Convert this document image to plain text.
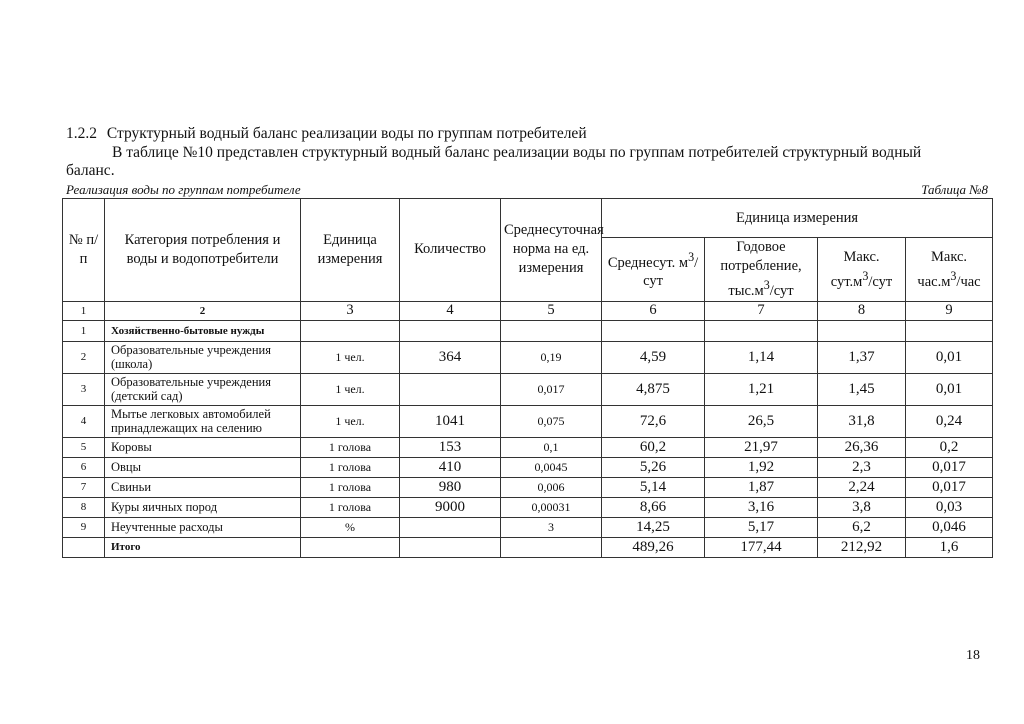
1.2.2 Структурный водный баланс реализации воды по группам потребителей
В таблице №10 представлен структурный водный баланс реализации воды по группам потребителей структурный водный баланс.
Реализация воды по группам потребителе	Таблица №8
№ п/п	Категория потребления и воды и водопотребители	Единица измерения	Количество	Среднесуточная норма на ед. измерения	Единица измерения			
					Среднесут. $м^3$/сут	Годовое потребление, $тыс.м^3$/сут	Макс. $сут.м^3$/сут	Макс. $час.м^3$/час
1	2	3	4	5	6	7	8	9
1	Хозяйственно-бытовые нужды							
2	Образовательные учреждения (школа)	1 чел.	364	0,19	4,59	1,14	1,37	0,01
3	Образовательные учреждения (детский сад)	1 чел.		0,017	4,875	1,21	1,45	0,01
4	Мытье легковых автомобилей принадлежащих на селению	1 чел.	1041	0,075	72,6	26,5	31,8	0,24
5	Коровы	1 голова	153	0,1	60,2	21,97	26,36	0,2
6	Овцы	1 голова	410	0,0045	5,26	1,92	2,3	0,017
7	Свиньи	1 голова	980	0,006	5,14	1,87	2,24	0,017
8	Куры яичных пород	1 голова	9000	0,00031	8,66	3,16	3,8	0,03
9	Неучтенные расходы	%		3	14,25	5,17	6,2	0,046
	Итого				489,26	177,44	212,92	1,6
18
